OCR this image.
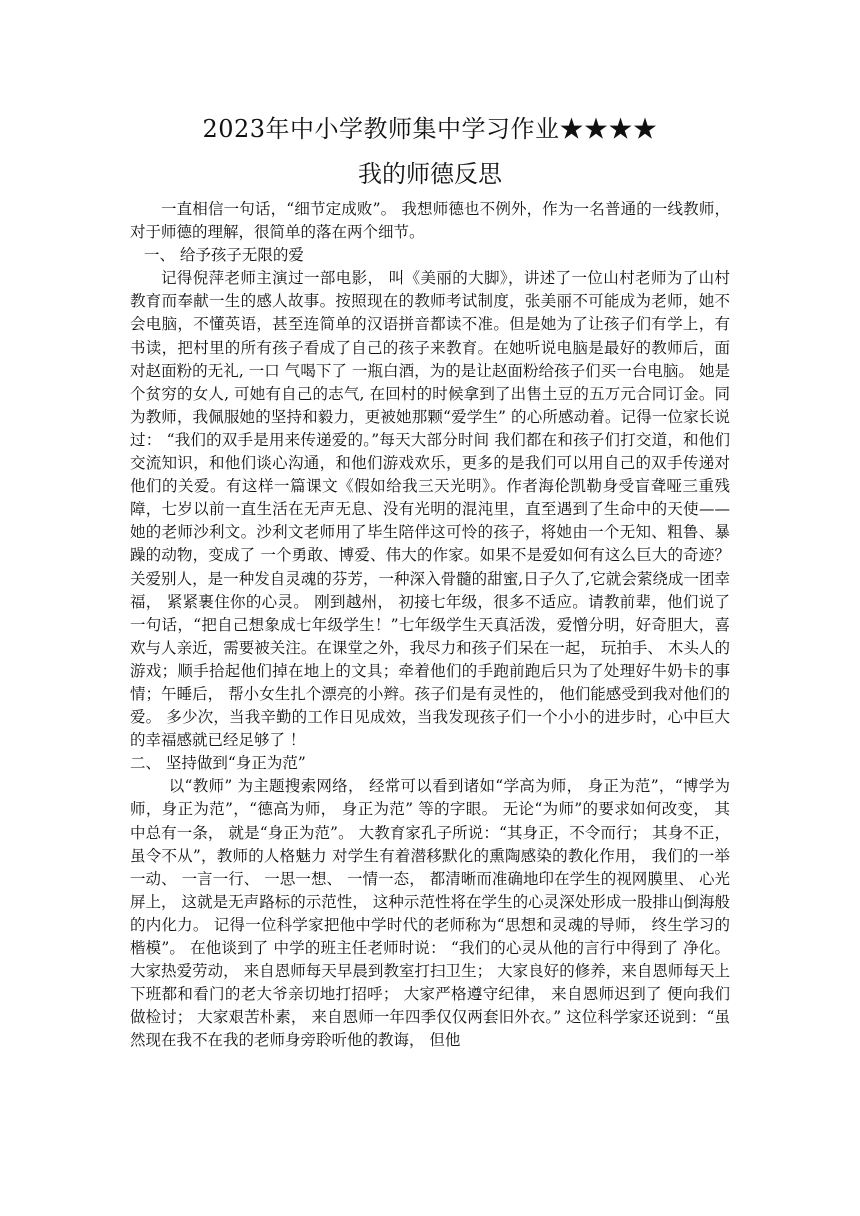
2023年中小学教师集中学习作业★★★★
我的师德反思

一直相信一句话，“细节定成败”。 我想师德也不例外，作为一名普通的一线教师，对于师德的理解，很简单的落在两个细节。

一、 给予孩子无限的爱

记得倪萍老师主演过一部电影， 叫《美丽的大脚》，讲述了一位山村老师为了山村教育而奉献一生的感人故事。按照现在的教师考试制度，张美丽不可能成为老师，她不会电脑，不懂英语，甚至连简单的汉语拼音都读不准。但是她为了让孩子们有学上，有书读，把村里的所有孩子看成了自己的孩子来教育。在她听说电脑是最好的教师后，面对赵面粉的无礼, 一口 气喝下了 一瓶白酒，为的是让赵面粉给孩子们买一台电脑。 她是个贫穷的女人, 可她有自己的志气, 在回村的时候拿到了出售土豆的五万元合同订金。同为教师，我佩服她的坚持和毅力，更被她那颗“爱学生” 的心所感动着。记得一位家长说过： “我们的双手是用来传递爱的。”每天大部分时间 我们都在和孩子们打交道，和他们交流知识，和他们谈心沟通，和他们游戏欢乐，更多的是我们可以用自己的双手传递对他们的关爱。有这样一篇课文《假如给我三天光明》。作者海伦凯勒身受盲聋哑三重残障，七岁以前一直生活在无声无息、没有光明的混沌里，直至遇到了生命中的天使——她的老师沙利文。沙利文老师用了毕生陪伴这可怜的孩子，将她由一个无知、粗鲁、暴躁的动物，变成了 一个勇敢、博爱、伟大的作家。如果不是爱如何有这么巨大的奇迹？ 关爱别人，是一种发自灵魂的芬芳，一种深入骨髓的甜蜜,日子久了,它就会萦绕成一团幸福， 紧紧裹住你的心灵。 刚到越州， 初接七年级，很多不适应。请教前辈，他们说了 一句话，“把自己想象成七年级学生！”七年级学生天真活泼，爱憎分明，好奇胆大，喜欢与人亲近，需要被关注。在课堂之外，我尽力和孩子们呆在一起， 玩拍手、 木头人的游戏；顺手拾起他们掉在地上的文具；牵着他们的手跑前跑后只为了处理好牛奶卡的事情；午睡后， 帮小女生扎个漂亮的小辫。孩子们是有灵性的， 他们能感受到我对他们的爱。 多少次，当我辛勤的工作日见成效，当我发现孩子们一个小小的进步时，心中巨大的幸福感就已经足够了 ！

二、 坚持做到“身正为范”

以“教师” 为主题搜索网络， 经常可以看到诸如“学高为师， 身正为范”，“博学为师，身正为范”，“德高为师， 身正为范” 等的字眼。 无论“为师”的要求如何改变， 其中总有一条， 就是“身正为范”。 大教育家孔子所说：“其身正，不令而行； 其身不正，虽令不从”，教师的人格魅力 对学生有着潜移默化的熏陶感染的教化作用， 我们的一举一动、 一言一行、 一思一想、 一情一态， 都清晰而准确地印在学生的视网膜里、 心光屏上， 这就是无声路标的示范性， 这种示范性将在学生的心灵深处形成一股排山倒海般的内化力。 记得一位科学家把他中学时代的老师称为“思想和灵魂的导师， 终生学习的楷模”。 在他谈到了 中学的班主任老师时说： “我们的心灵从他的言行中得到了 净化。大家热爱劳动， 来自恩师每天早晨到教室打扫卫生； 大家良好的修养，来自恩师每天上下班都和看门的老大爷亲切地打招呼； 大家严格遵守纪律， 来自恩师迟到了 便向我们做检讨； 大家艰苦朴素， 来自恩师一年四季仅仅两套旧外衣。” 这位科学家还说到：“虽然现在我不在我的老师身旁聆听他的教诲， 但他
